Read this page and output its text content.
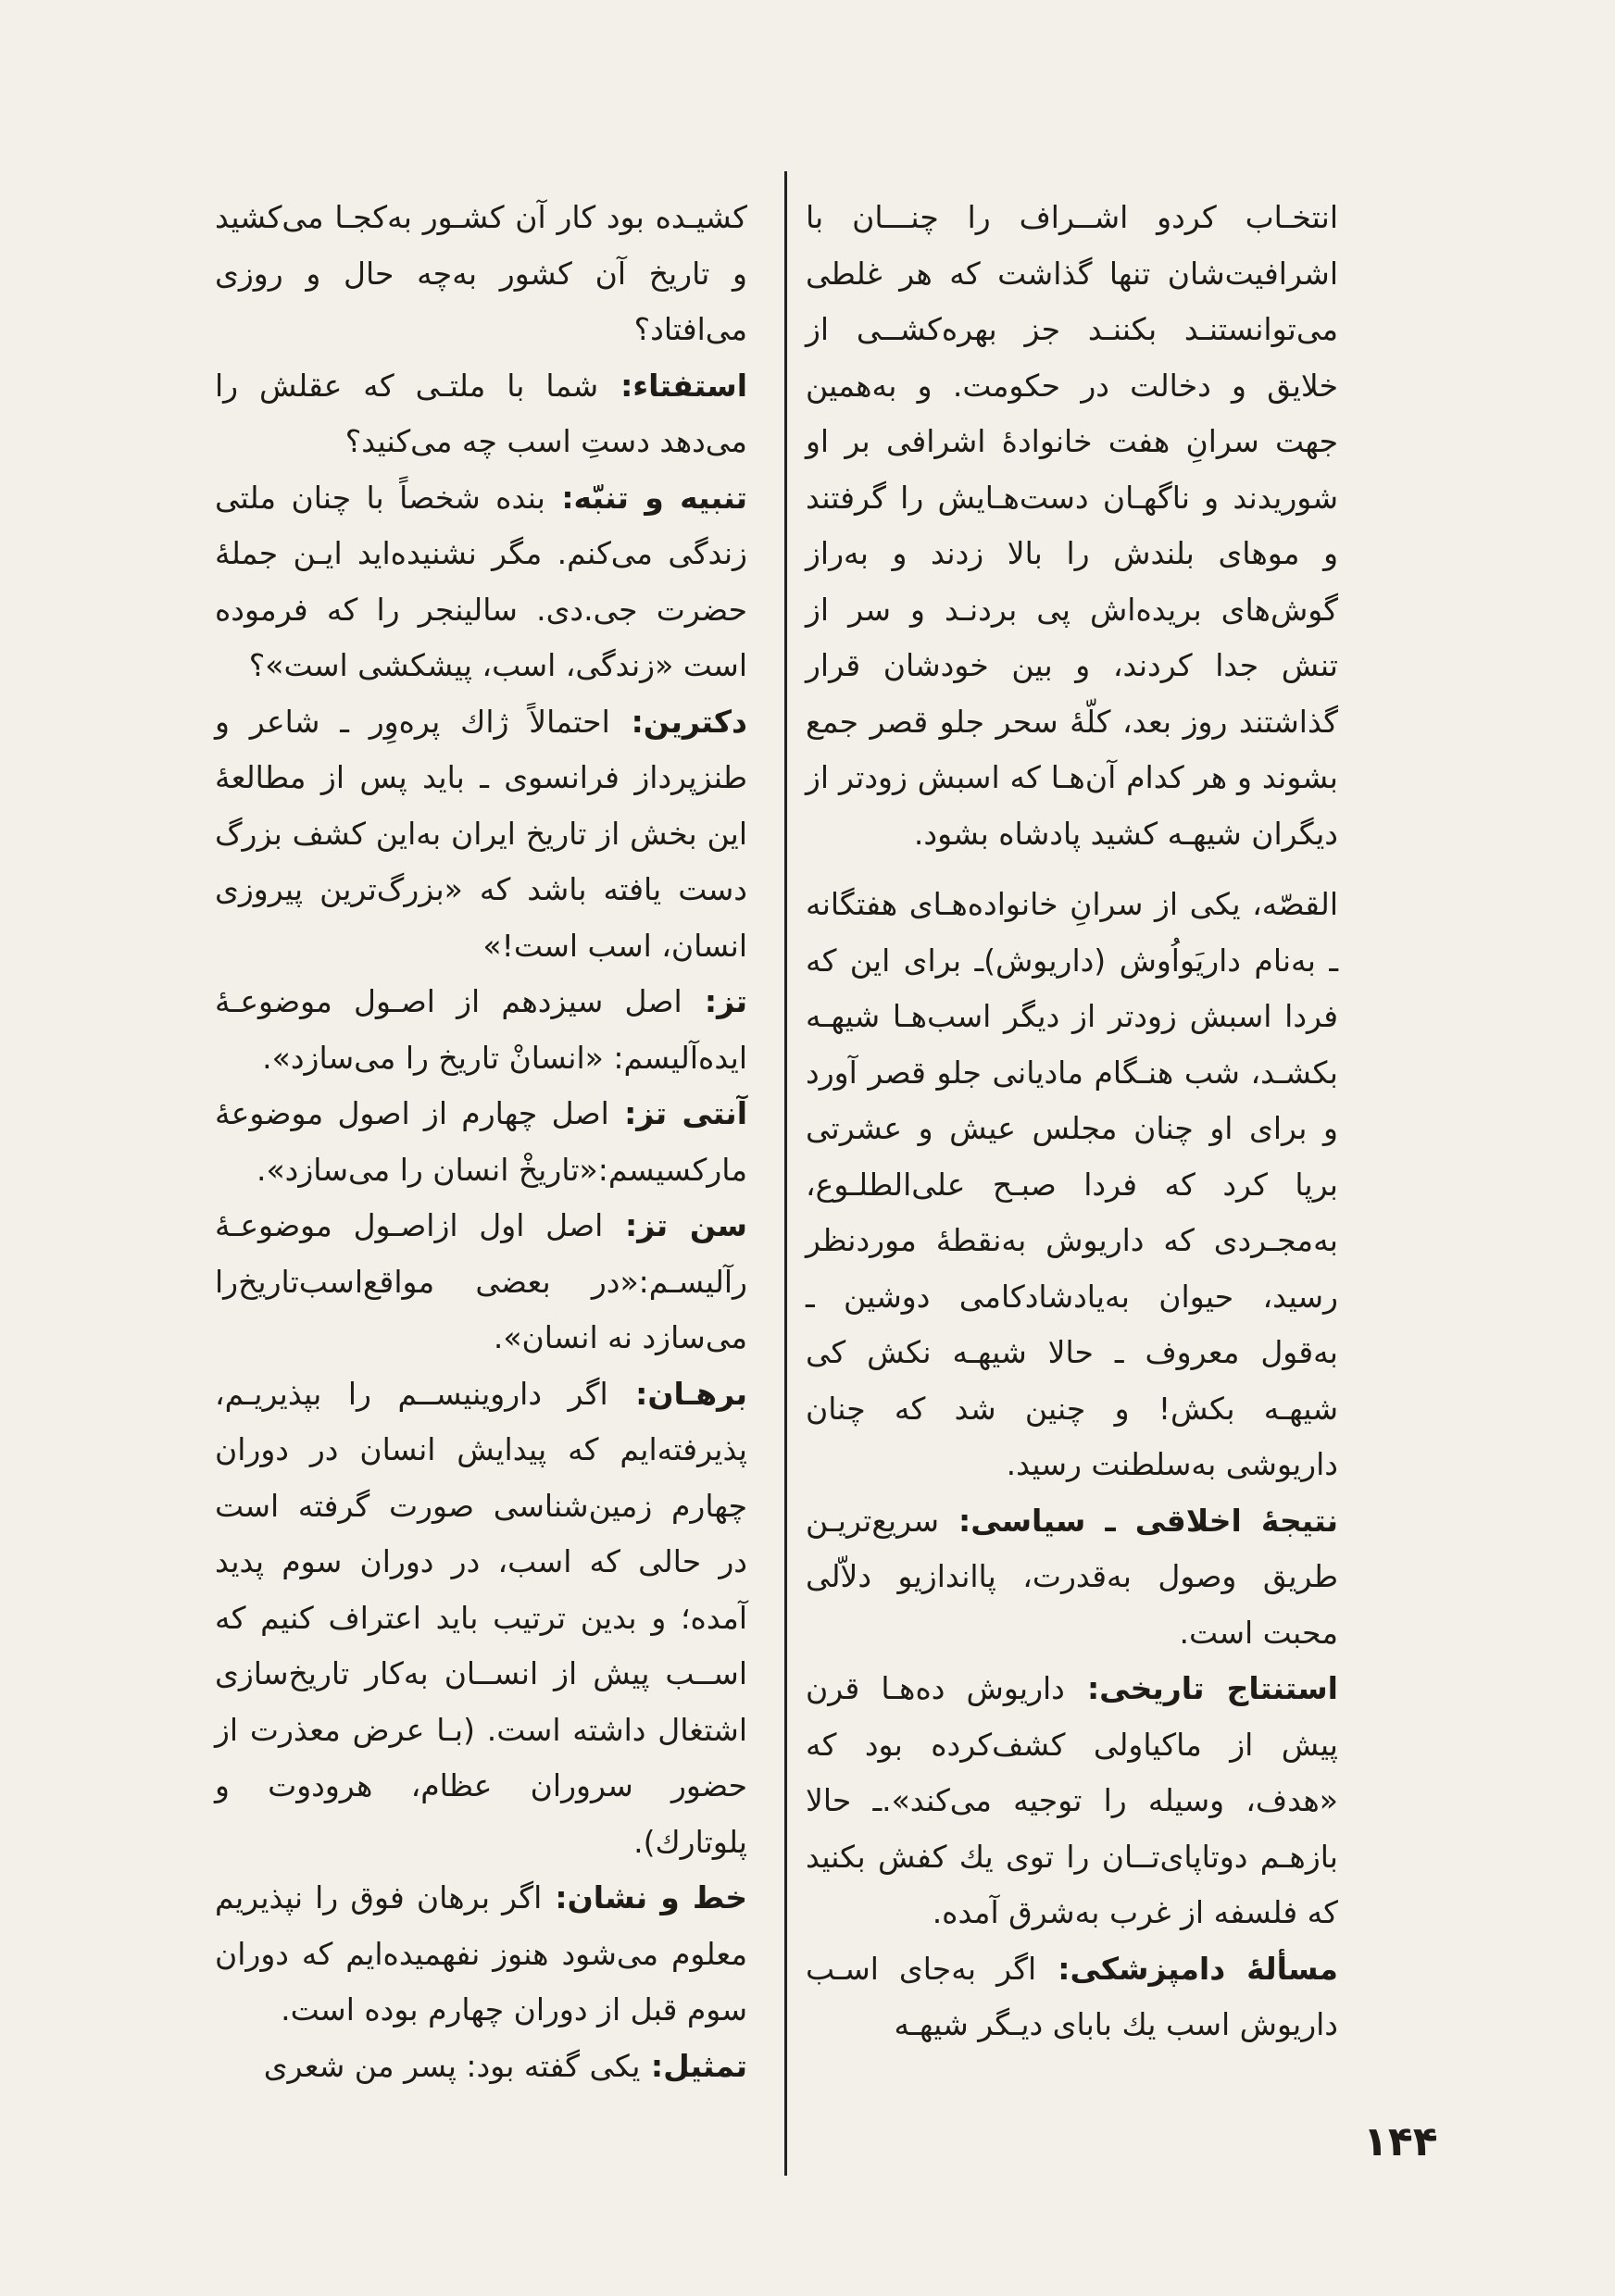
انتخـاب کردو اشــراف را چنـــان با اشرافیت‌شان تنها گذاشت که هر غلطی می‌توانستنـد بکننـد جز بهره‌کشــی از خلایق و دخالت در حکومت. و به‌همین جهت سرانِ هفت خانوادهٔ اشرافی بر او شوریدند و ناگهـان دست‌هـایش را گرفتند و موهای بلندش را بالا زدند و به‌راز گوش‌های بریده‌اش پی بردنـد و سر از تنش جدا کردند، و بین خودشان قرار گذاشتند روز بعد، کلّهٔ سحر جلو قصر جمع بشوند و هر کدام آن‌هـا که اسبش زودتر از دیگران شیهـه کشید پادشاه بشود.

القصّه، یکی از سرانِ خانواده‌هـای هفتگانه ـ به‌نام داریَواُوش (داریوش)ـ برای این که فردا اسبش زودتر از دیگر اسب‌هـا شیهـه بکشـد، شب هنـگام مادیانی جلو قصر آورد و برای او چنان مجلس عیش و عشرتی برپا کرد که فردا صبـح علی‌الطلـوع، به‌مجـردی که داریوش به‌نقطهٔ موردنظر رسید، حیوان به‌یادشادکامی دوشین ـ به‌قول معروف ـ حالا شیهـه نکش کی شیهـه بکش! و چنین شد که چنان داریوشی به‌سلطنت رسید.

نتیجهٔ اخلاقی ـ سیاسی: سریع‌تریـن طریق وصول به‌قدرت، پااندازیو دلاّلی محبت است.

استنتاج تاریخی: داریوش ده‌هـا قرن پیش از ماکیاولی کشف‌کرده بود که «هدف، وسیله را توجیه می‌کند».ـ حالا بازهـم دوتاپای‌تــان را توی یك کفش بکنید که فلسفه از غرب به‌شرق آمده.

مسألهٔ دامپزشکی: اگر به‌جای اسـب داریوش اسب یك بابای دیـگر شیهـه

کشیـده بود کار آن کشـور به‌کجـا می‌کشید و تاریخ آن کشور به‌چه حال و روزی می‌افتاد؟

استفتاء: شما با ملتـی که عقلش را می‌دهد دستِ اسب چه می‌کنید؟

تنبیه و تنبّه: بنده شخصاً با چنان ملتی زندگی می‌کنم. مگر نشنیده‌اید ایـن جملهٔ حضرت جی.دی. سالینجر را که فرموده است «زندگی، اسب، پیشکشی است»؟

دکترین: احتمالاً ژاك پره‌وِر ـ شاعر و طنزپرداز فرانسوی ـ باید پس از مطالعهٔ این بخش از تاریخ ایران به‌این کشف بزرگ دست یافته باشد که «بزرگ‌ترین پیروزی انسان، اسب است!»

تز: اصل سیزدهم از اصـول موضوعـهٔ ایده‌آلیسم: «انسانْ تاریخ را می‌سازد».

آنتی تز: اصل چهارم از اصول موضوعهٔ مارکسیسم:«تاریخْ انسان را می‌سازد».

سن تز: اصل اول ازاصـول موضوعـهٔ رآلیسـم:«در بعضی مواقع‌اسب‌تاریخ‌را می‌سازد نه انسان».

برهـان: اگر داروینیســم را بپذیریـم، پذیرفته‌ایم که پیدایش انسان در دوران چهارم زمین‌شناسی صورت گرفته است در حالی که اسب، در دوران سوم پدید آمده؛ و بدین ترتیب باید اعتراف کنیم که اســب پیش از انســان به‌کار تاریخ‌سازی اشتغال داشته است. (بـا عرض معذرت از حضور سروران عظام، هرودوت و پلوتارك).

خط و نشان: اگر برهان فوق را نپذیریم معلوم می‌شود هنوز نفهمیده‌ایم که دوران سوم قبل از دوران چهارم بوده است.

تمثیل: یکی گفته بود: پسر من شعری

۱۴۴
